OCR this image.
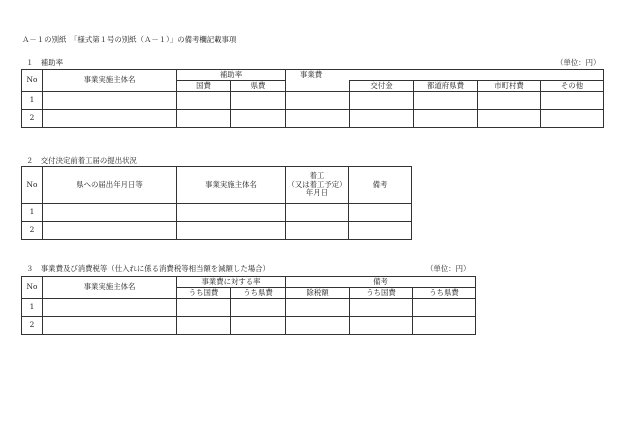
Ａ－１の別紙　「様式第１号の別紙（Ａ－１）」の備考欄記載事項
１　補助率	（単位：円）
No	事業実施主体名	補助率		事業費				
		国費	県費		交付金	都道府県費	市町村費	その他
1								
2								
２　交付決定前着工届の提出状況
No	県への届出年月日等	事業実施主体名	着工
（又は着工予定）
年月日	備考
1				
2				
３　事業費及び消費税等（仕入れに係る消費税等相当額を減額した場合）	（単位：円）
No	事業実施主体名	事業費に対する率		備考		
		うち国費	うち県費	除税額	うち国費	うち県費
1						
2						
